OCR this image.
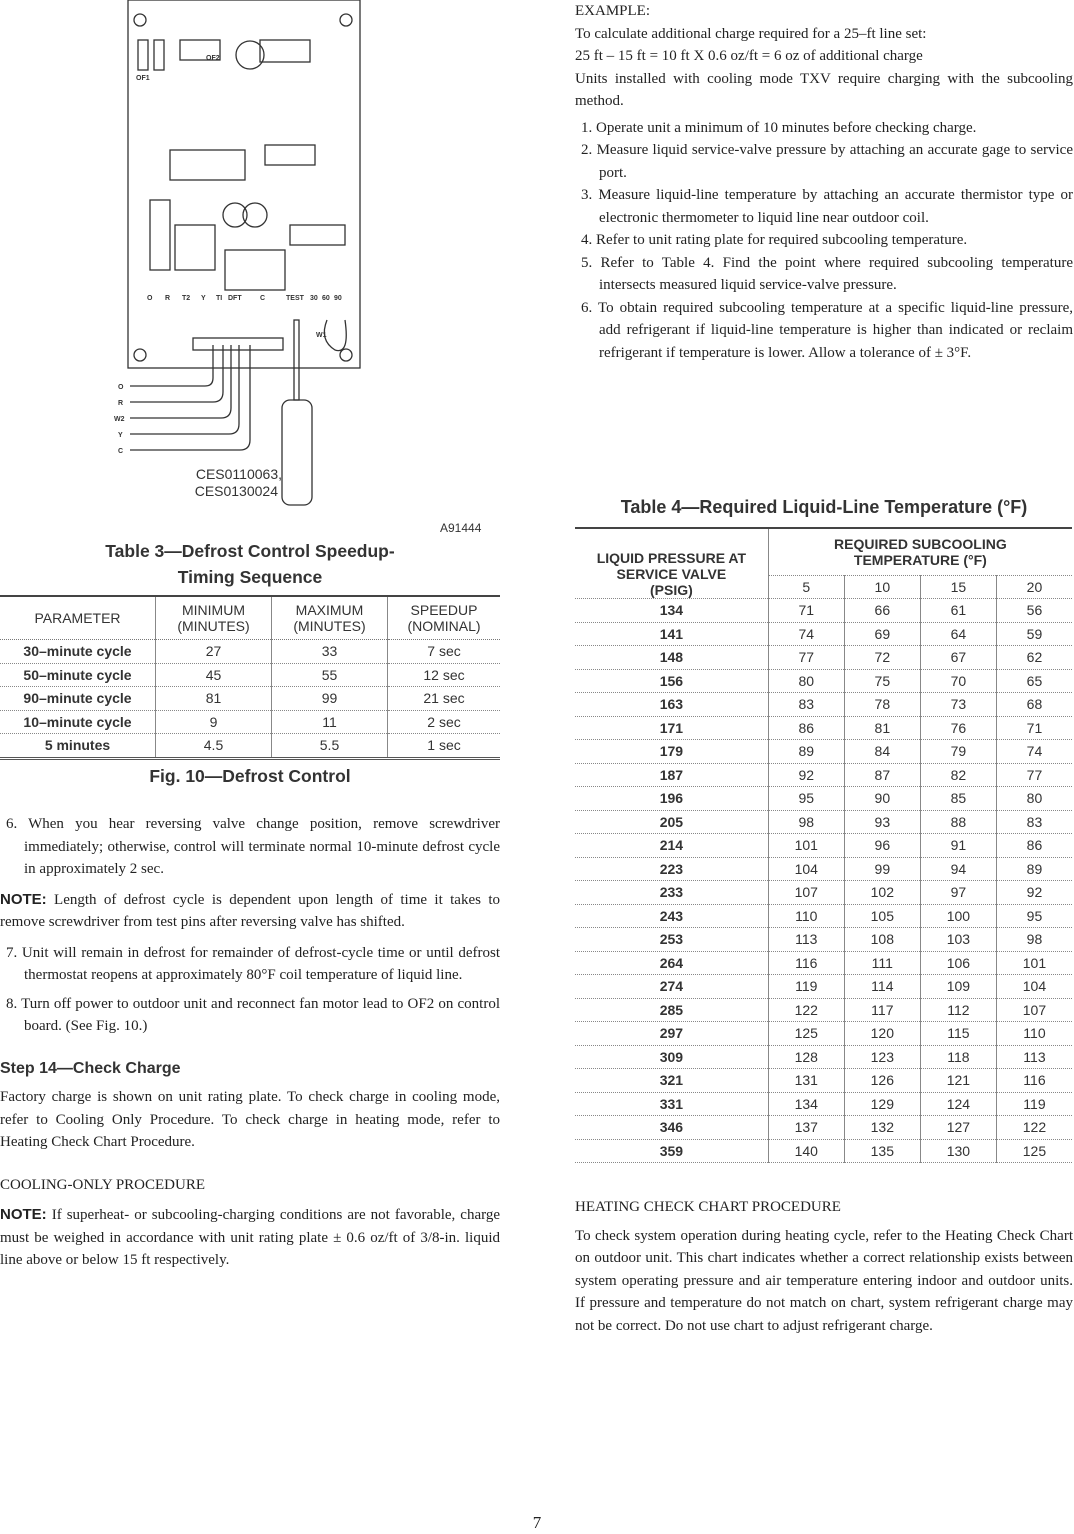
OF1
OF2
O R T2 Y TI DFT	C	TEST 30 60 90
W1
O
R
W2
Y
C
CES0110063,
CES0130024
A91444
Table 3—Defrost Control Speedup-
Timing Sequence
PARAMETER	MINIMUM (MINUTES)	MAXIMUM (MINUTES)	SPEEDUP (NOMINAL)
30–minute cycle	27	33	7 sec
50–minute cycle	45	55	12 sec
90–minute cycle	81	99	21 sec
10–minute cycle	9	11	2 sec
5 minutes	4.5	5.5	1 sec
Fig. 10—Defrost Control

6. When you hear reversing valve change position, remove screwdriver immediately; otherwise, control will terminate normal 10-minute defrost cycle in approximately 2 sec.

NOTE: Length of defrost cycle is dependent upon length of time it takes to remove screwdriver from test pins after reversing valve has shifted.

7. Unit will remain in defrost for remainder of defrost-cycle time or until defrost thermostat reopens at approximately 80°F coil temperature of liquid line.

8. Turn off power to outdoor unit and reconnect fan motor lead to OF2 on control board. (See Fig. 10.)

Step 14—Check Charge

Factory charge is shown on unit rating plate. To check charge in cooling mode, refer to Cooling Only Procedure. To check charge in heating mode, refer to Heating Check Chart Procedure.

COOLING-ONLY PROCEDURE

NOTE: If superheat- or subcooling-charging conditions are not favorable, charge must be weighed in accordance with unit rating plate ± 0.6 oz/ft of 3/8-in. liquid line above or below 15 ft respectively.

EXAMPLE:
To calculate additional charge required for a 25–ft line set:
25 ft – 15 ft = 10 ft X 0.6 oz/ft = 6 oz of additional charge

Units installed with cooling mode TXV require charging with the subcooling method.

1. Operate unit a minimum of 10 minutes before checking charge.

2. Measure liquid service-valve pressure by attaching an accurate gage to service port.

3. Measure liquid-line temperature by attaching an accurate thermistor type or electronic thermometer to liquid line near outdoor coil.

4. Refer to unit rating plate for required subcooling temperature.

5. Refer to Table 4. Find the point where required subcooling temperature intersects measured liquid service-valve pressure.

6. To obtain required subcooling temperature at a specific liquid-line pressure, add refrigerant if liquid-line temperature is higher than indicated or reclaim refrigerant if temperature is lower. Allow a tolerance of ± 3°F.

Table 4—Required Liquid-Line Temperature (°F)
LIQUID PRESSURE AT SERVICE VALVE (PSIG)	REQUIRED SUBCOOLING TEMPERATURE (°F)			
	5	10	15	20
134	71	66	61	56
141	74	69	64	59
148	77	72	67	62
156	80	75	70	65
163	83	78	73	68
171	86	81	76	71
179	89	84	79	74
187	92	87	82	77
196	95	90	85	80
205	98	93	88	83
214	101	96	91	86
223	104	99	94	89
233	107	102	97	92
243	110	105	100	95
253	113	108	103	98
264	116	111	106	101
274	119	114	109	104
285	122	117	112	107
297	125	120	115	110
309	128	123	118	113
321	131	126	121	116
331	134	129	124	119
346	137	132	127	122
359	140	135	130	125
HEATING CHECK CHART PROCEDURE

To check system operation during heating cycle, refer to the Heating Check Chart on outdoor unit. This chart indicates whether a correct relationship exists between system operating pressure and air temperature entering indoor and outdoor units. If pressure and temperature do not match on chart, system refrigerant charge may not be correct. Do not use chart to adjust refrigerant charge.

7
